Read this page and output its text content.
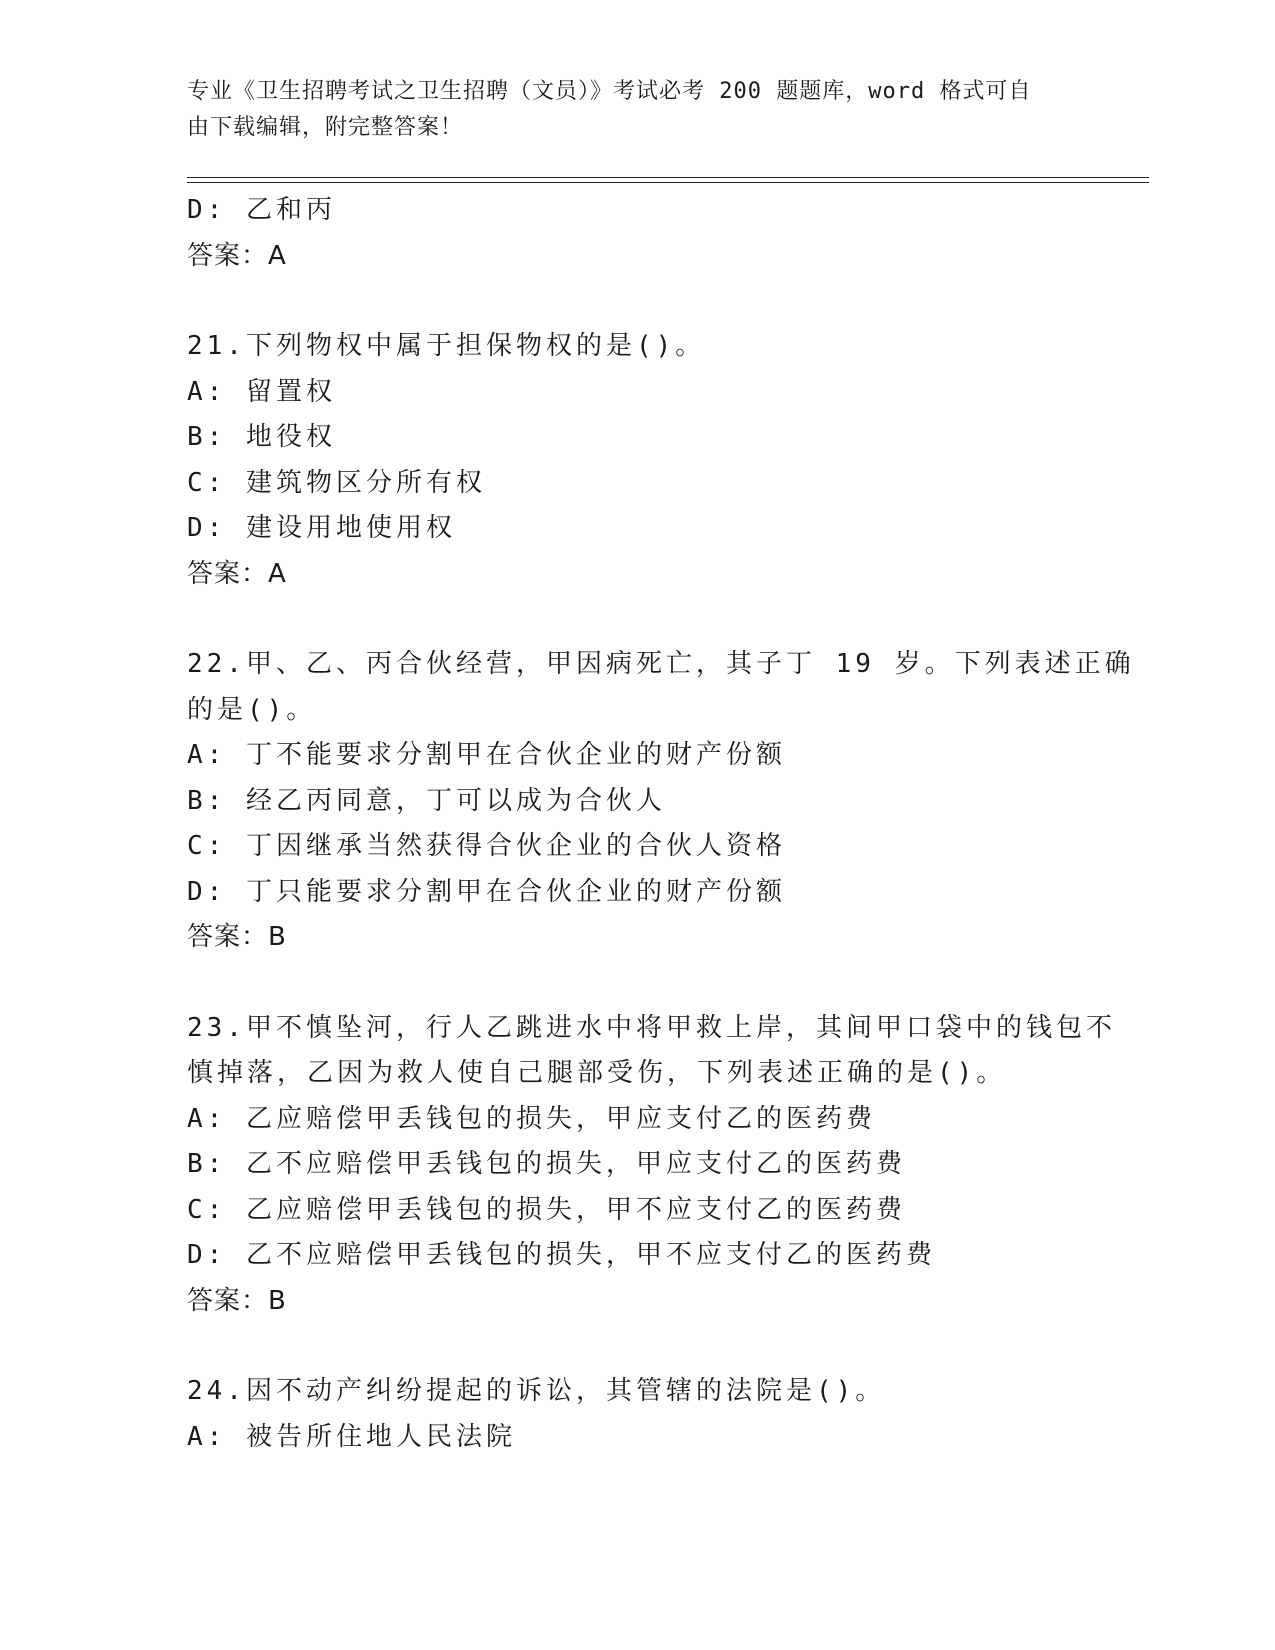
专业《卫生招聘考试之卫生招聘（文员）》考试必考 200 题题库，word 格式可自
由下载编辑，附完整答案！
D: 乙和丙
答案：A
21.下列物权中属于担保物权的是()。
A: 留置权
B: 地役权
C: 建筑物区分所有权
D: 建设用地使用权
答案：A
22.甲、乙、丙合伙经营，甲因病死亡，其子丁 19 岁。下列表述正确
的是()。
A: 丁不能要求分割甲在合伙企业的财产份额
B: 经乙丙同意，丁可以成为合伙人
C: 丁因继承当然获得合伙企业的合伙人资格
D: 丁只能要求分割甲在合伙企业的财产份额
答案：B
23.甲不慎坠河，行人乙跳进水中将甲救上岸，其间甲口袋中的钱包不
慎掉落，乙因为救人使自己腿部受伤，下列表述正确的是()。
A: 乙应赔偿甲丢钱包的损失，甲应支付乙的医药费
B: 乙不应赔偿甲丢钱包的损失，甲应支付乙的医药费
C: 乙应赔偿甲丢钱包的损失，甲不应支付乙的医药费
D: 乙不应赔偿甲丢钱包的损失，甲不应支付乙的医药费
答案：B
24.因不动产纠纷提起的诉讼，其管辖的法院是()。
A: 被告所住地人民法院
